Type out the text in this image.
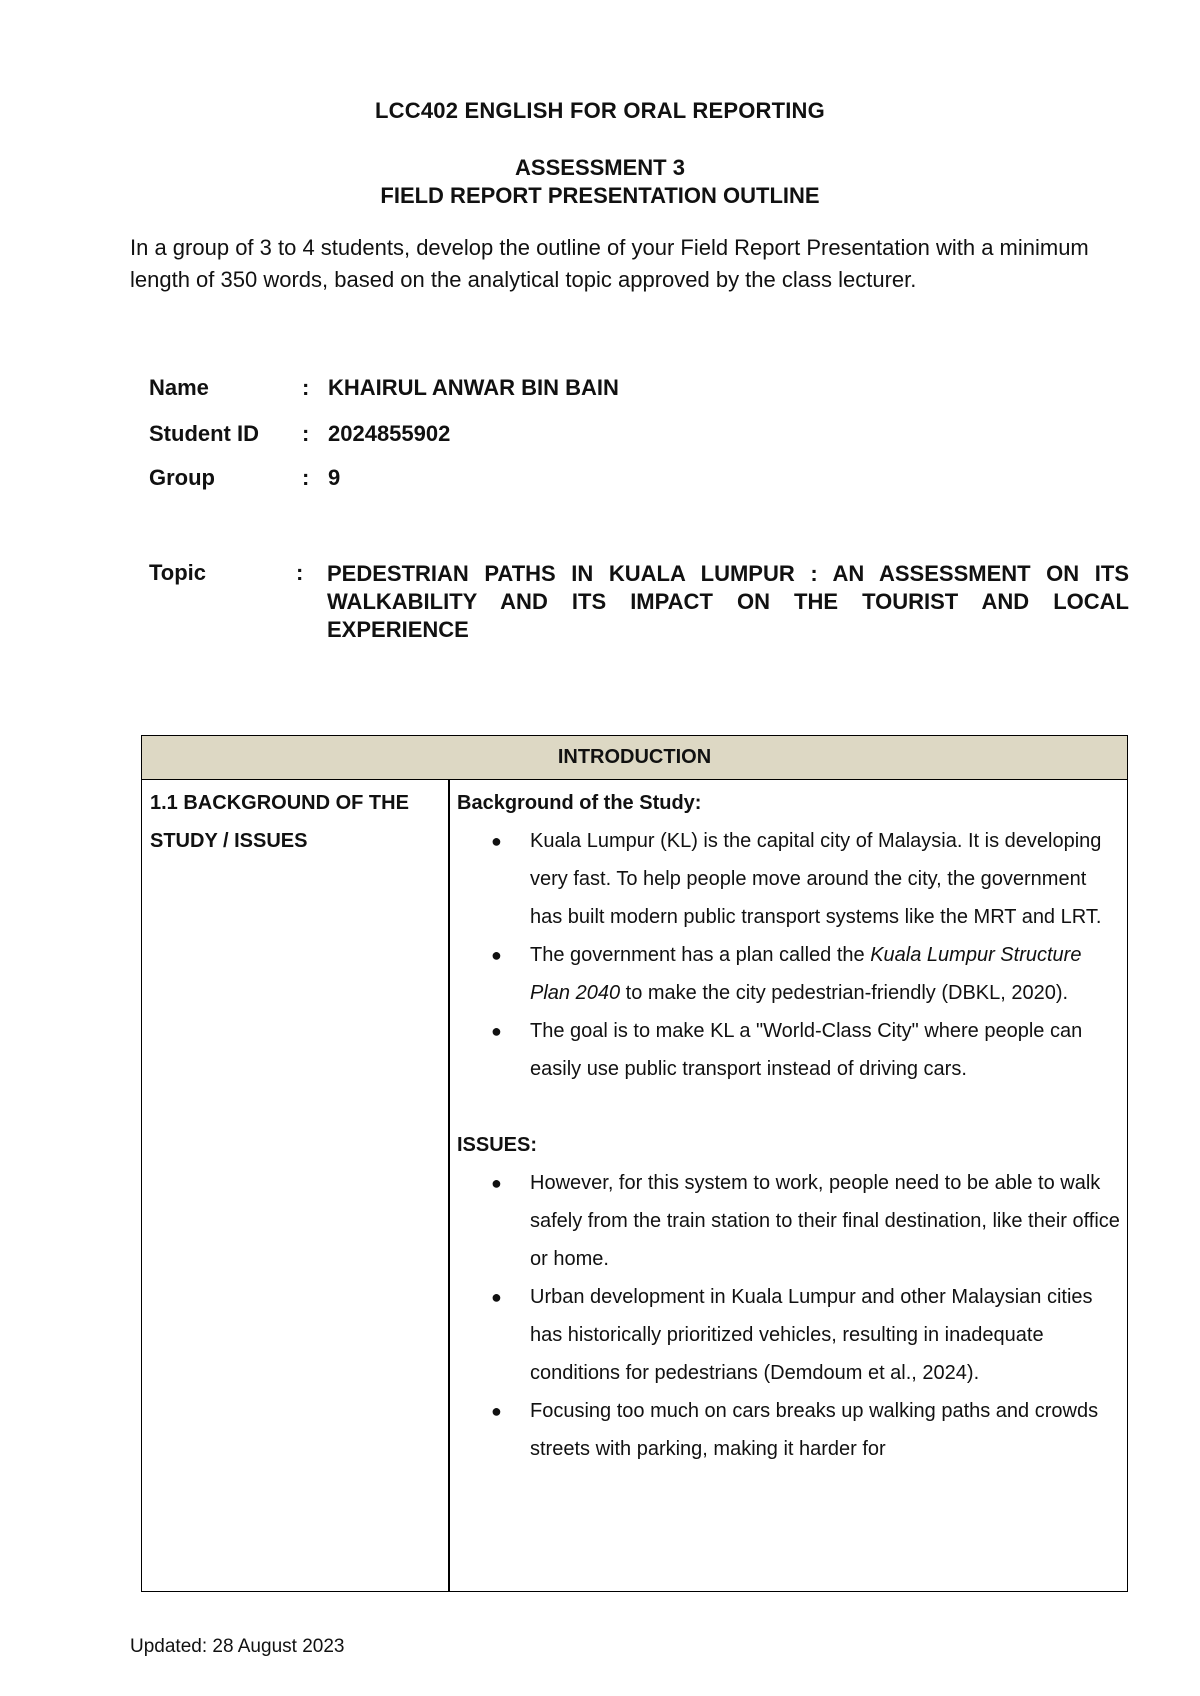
LCC402 ENGLISH FOR ORAL REPORTING
ASSESSMENT 3
FIELD REPORT PRESENTATION OUTLINE
In a group of 3 to 4 students, develop the outline of your Field Report Presentation with a minimum length of 350 words, based on the analytical topic approved by the class lecturer.
Name	: KHAIRUL ANWAR BIN BAIN
Student ID : 2024855902
Group	: 9
Topic	: PEDESTRIAN PATHS IN KUALA LUMPUR : AN ASSESSMENT ON ITS WALKABILITY AND ITS IMPACT ON THE TOURIST AND LOCAL EXPERIENCE
INTRODUCTION
1.1 BACKGROUND OF THE STUDY / ISSUES
Background of the Study:
● Kuala Lumpur (KL) is the capital city of Malaysia. It is developing very fast. To help people move around the city, the government has built modern public transport systems like the MRT and LRT.
● The government has a plan called the Kuala Lumpur Structure Plan 2040 to make the city pedestrian-friendly (DBKL, 2020).
● The goal is to make KL a "World-Class City" where people can easily use public transport instead of driving cars.
ISSUES:
● However, for this system to work, people need to be able to walk safely from the train station to their final destination, like their office or home.
● Urban development in Kuala Lumpur and other Malaysian cities has historically prioritized vehicles, resulting in inadequate conditions for pedestrians (Demdoum et al., 2024).
● Focusing too much on cars breaks up walking paths and crowds streets with parking, making it harder for
Updated: 28 August 2023
